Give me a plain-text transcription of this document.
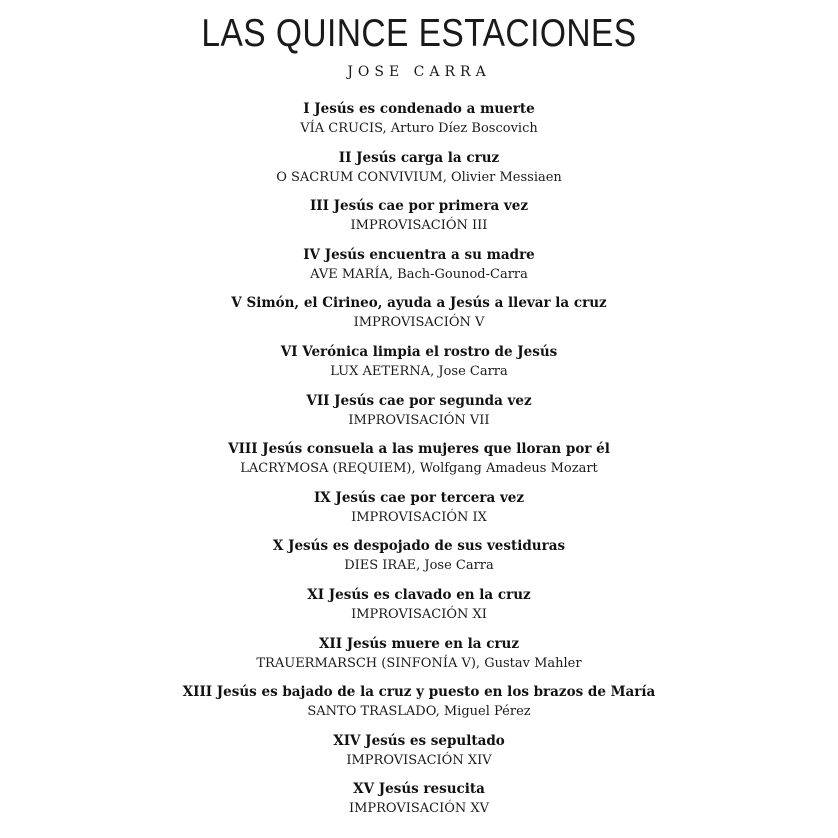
LAS QUINCE ESTACIONES
JOSE CARRA
I Jesús es condenado a muerte
VÍA CRUCIS, Arturo Díez Boscovich
II Jesús carga la cruz
O SACRUM CONVIVIUM, Olivier Messiaen
III Jesús cae por primera vez
IMPROVISACIÓN III
IV Jesús encuentra a su madre
AVE MARÍA, Bach-Gounod-Carra
V Simón, el Cirineo, ayuda a Jesús a llevar la cruz
IMPROVISACIÓN V
VI Verónica limpia el rostro de Jesús
LUX AETERNA, Jose Carra
VII Jesús cae por segunda vez
IMPROVISACIÓN VII
VIII Jesús consuela a las mujeres que lloran por él
LACRYMOSA (REQUIEM), Wolfgang Amadeus Mozart
IX Jesús cae por tercera vez
IMPROVISACIÓN IX
X Jesús es despojado de sus vestiduras
DIES IRAE, Jose Carra
XI Jesús es clavado en la cruz
IMPROVISACIÓN XI
XII Jesús muere en la cruz
TRAUERMARSCH (SINFONÍA V), Gustav Mahler
XIII Jesús es bajado de la cruz y puesto en los brazos de María
SANTO TRASLADO, Miguel Pérez
XIV Jesús es sepultado
IMPROVISACIÓN XIV
XV Jesús resucita
IMPROVISACIÓN XV
